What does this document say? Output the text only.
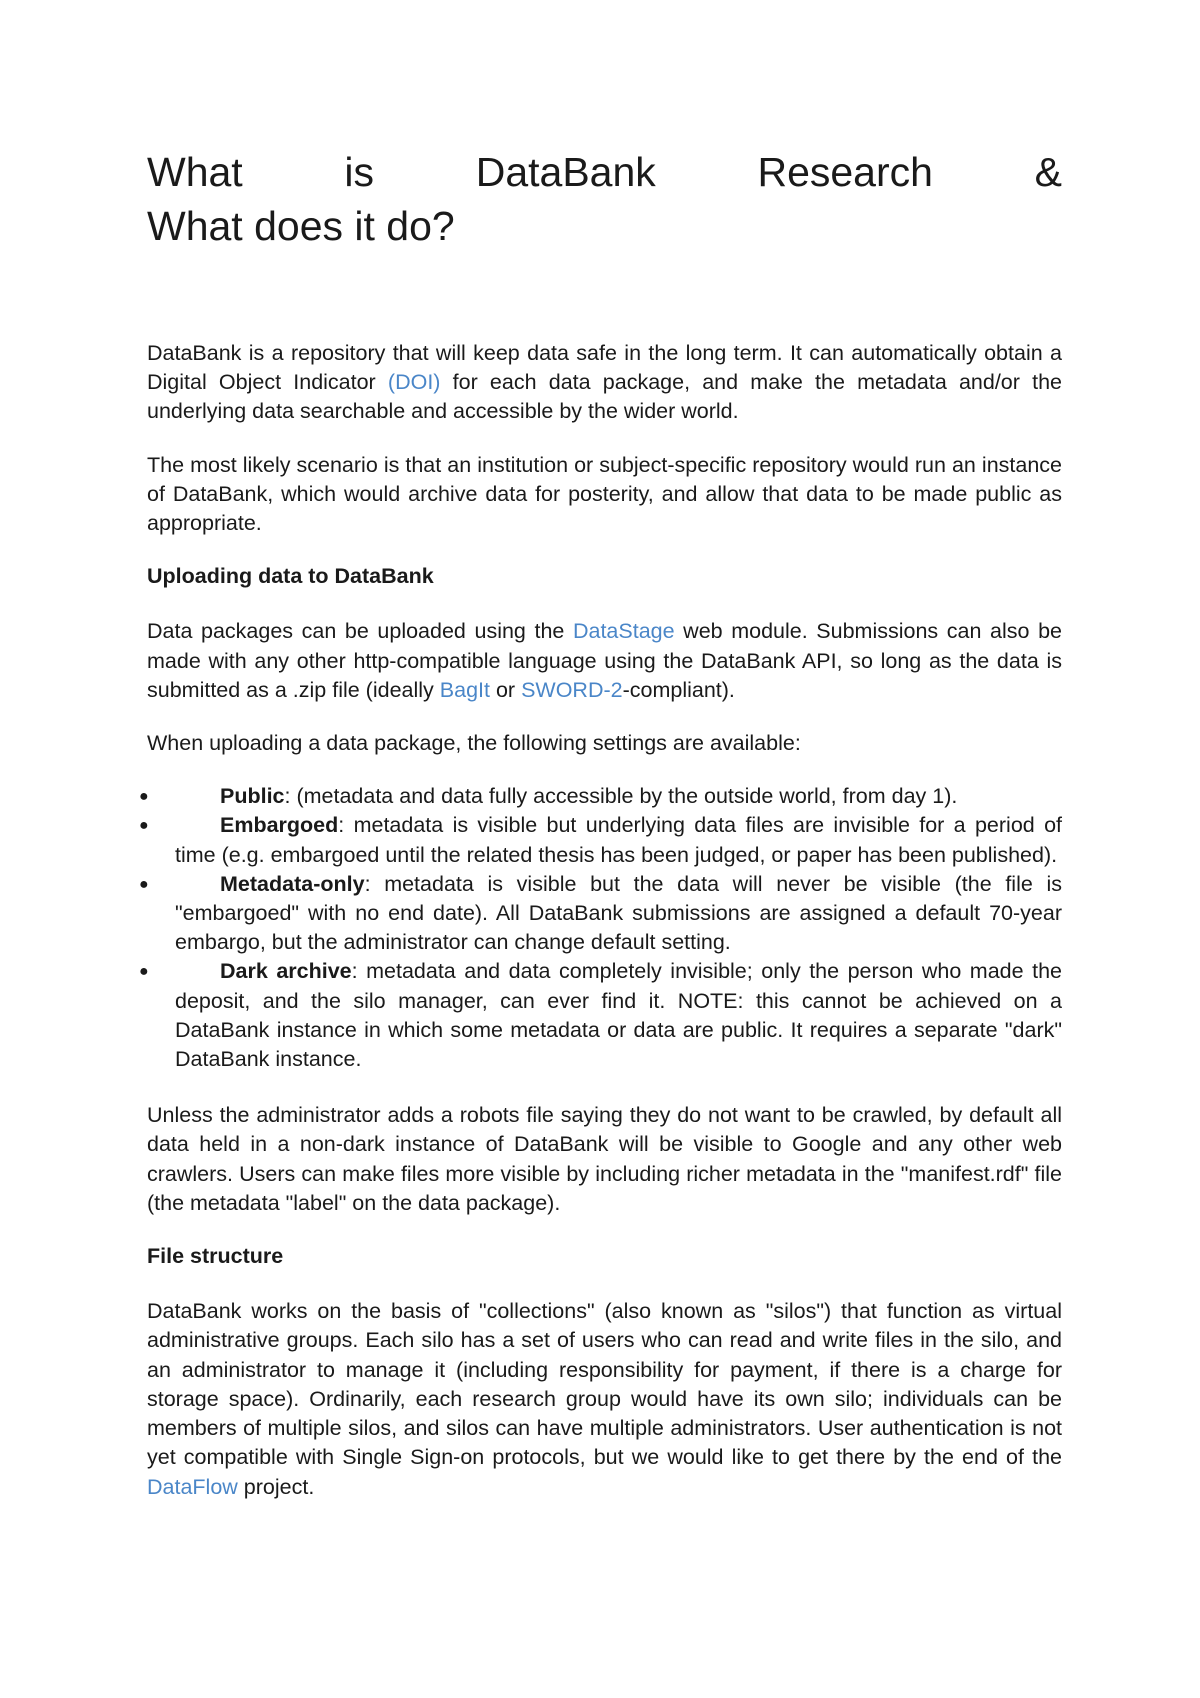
What is DataBank Research &
What does it do?

DataBank is a repository that will keep data safe in the long term. It can automatically obtain a Digital Object Indicator (DOI) for each data package, and make the metadata and/or the underlying data searchable and accessible by the wider world.

The most likely scenario is that an institution or subject-specific repository would run an instance of DataBank, which would archive data for posterity, and allow that data to be made public as appropriate.

Uploading data to DataBank

Data packages can be uploaded using the DataStage web module. Submissions can also be made with any other http-compatible language using the DataBank API, so long as the data is submitted as a .zip file (ideally BagIt or SWORD-2-compliant).

When uploading a data package, the following settings are available:

●	Public: (metadata and data fully accessible by the outside world, from day 1).
●	Embargoed: metadata is visible but underlying data files are invisible for a period of time (e.g. embargoed until the related thesis has been judged, or paper has been published).
●	Metadata-only: metadata is visible but the data will never be visible (the file is "embargoed" with no end date). All DataBank submissions are assigned a default 70-year embargo, but the administrator can change default setting.
●	Dark archive: metadata and data completely invisible; only the person who made the deposit, and the silo manager, can ever find it. NOTE: this cannot be achieved on a DataBank instance in which some metadata or data are public. It requires a separate "dark" DataBank instance.

Unless the administrator adds a robots file saying they do not want to be crawled, by default all data held in a non-dark instance of DataBank will be visible to Google and any other web crawlers. Users can make files more visible by including richer metadata in the "manifest.rdf" file (the metadata "label" on the data package).

File structure

DataBank works on the basis of "collections" (also known as "silos") that function as virtual administrative groups. Each silo has a set of users who can read and write files in the silo, and an administrator to manage it (including responsibility for payment, if there is a charge for storage space). Ordinarily, each research group would have its own silo; individuals can be members of multiple silos, and silos can have multiple administrators. User authentication is not yet compatible with Single Sign-on protocols, but we would like to get there by the end of the DataFlow project.
